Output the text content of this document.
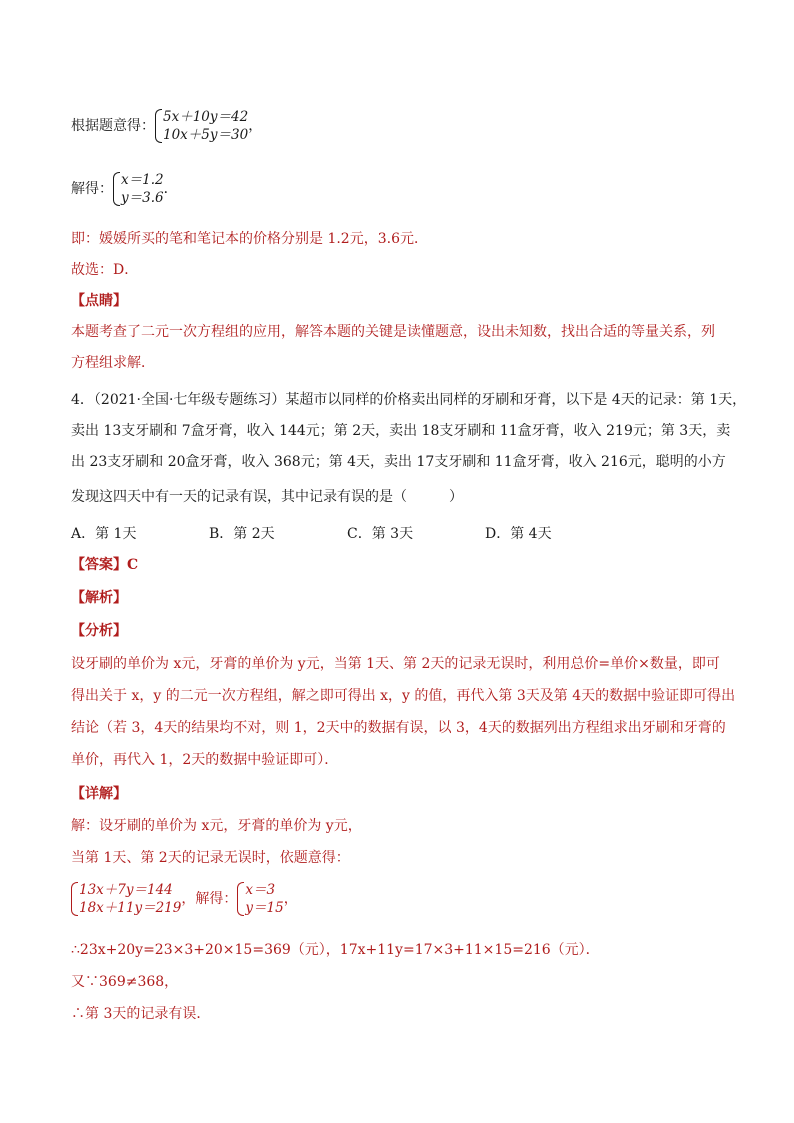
根据题意得：
5x＋10y＝42
10x＋5y＝30
，
解得：
x＝1.2
y＝3.6
．
即：媛媛所买的笔和笔记本的价格分别是 1.2元，3.6元．
故选：D．
【点睛】
本题考查了二元一次方程组的应用，解答本题的关键是读懂题意，设出未知数，找出合适的等量关系，列
方程组求解．
4．（2021·全国·七年级专题练习）某超市以同样的价格卖出同样的牙刷和牙膏，以下是 4天的记录：第 1天，
卖出 13支牙刷和 7盒牙膏，收入 144元；第 2天，卖出 18支牙刷和 11盒牙膏，收入 219元；第 3天，卖
出 23支牙刷和 20盒牙膏，收入 368元；第 4天，卖出 17支牙刷和 11盒牙膏，收入 216元，聪明的小方
发现这四天中有一天的记录有误，其中记录有误的是（　　　）
A．第 1天	B．第 2天	C．第 3天	D．第 4天
【答案】C
【解析】
【分析】
设牙刷的单价为 x元，牙膏的单价为 y元，当第 1天、第 2天的记录无误时，利用总价=单价×数量，即可
得出关于 x，y 的二元一次方程组，解之即可得出 x，y 的值，再代入第 3天及第 4天的数据中验证即可得出
结论（若 3，4天的结果均不对，则 1，2天中的数据有误，以 3，4天的数据列出方程组求出牙刷和牙膏的
单价，再代入 1，2天的数据中验证即可）．
【详解】
解：设牙刷的单价为 x元，牙膏的单价为 y元，
当第 1天、第 2天的记录无误时，依题意得：
13x＋7y＝144
18x＋11y＝219
，解得：
x＝3
y＝15
，
∴23x+20y=23×3+20×15=369（元），17x+11y=17×3+11×15=216（元）．
又∵369≠368，
∴第 3天的记录有误．
